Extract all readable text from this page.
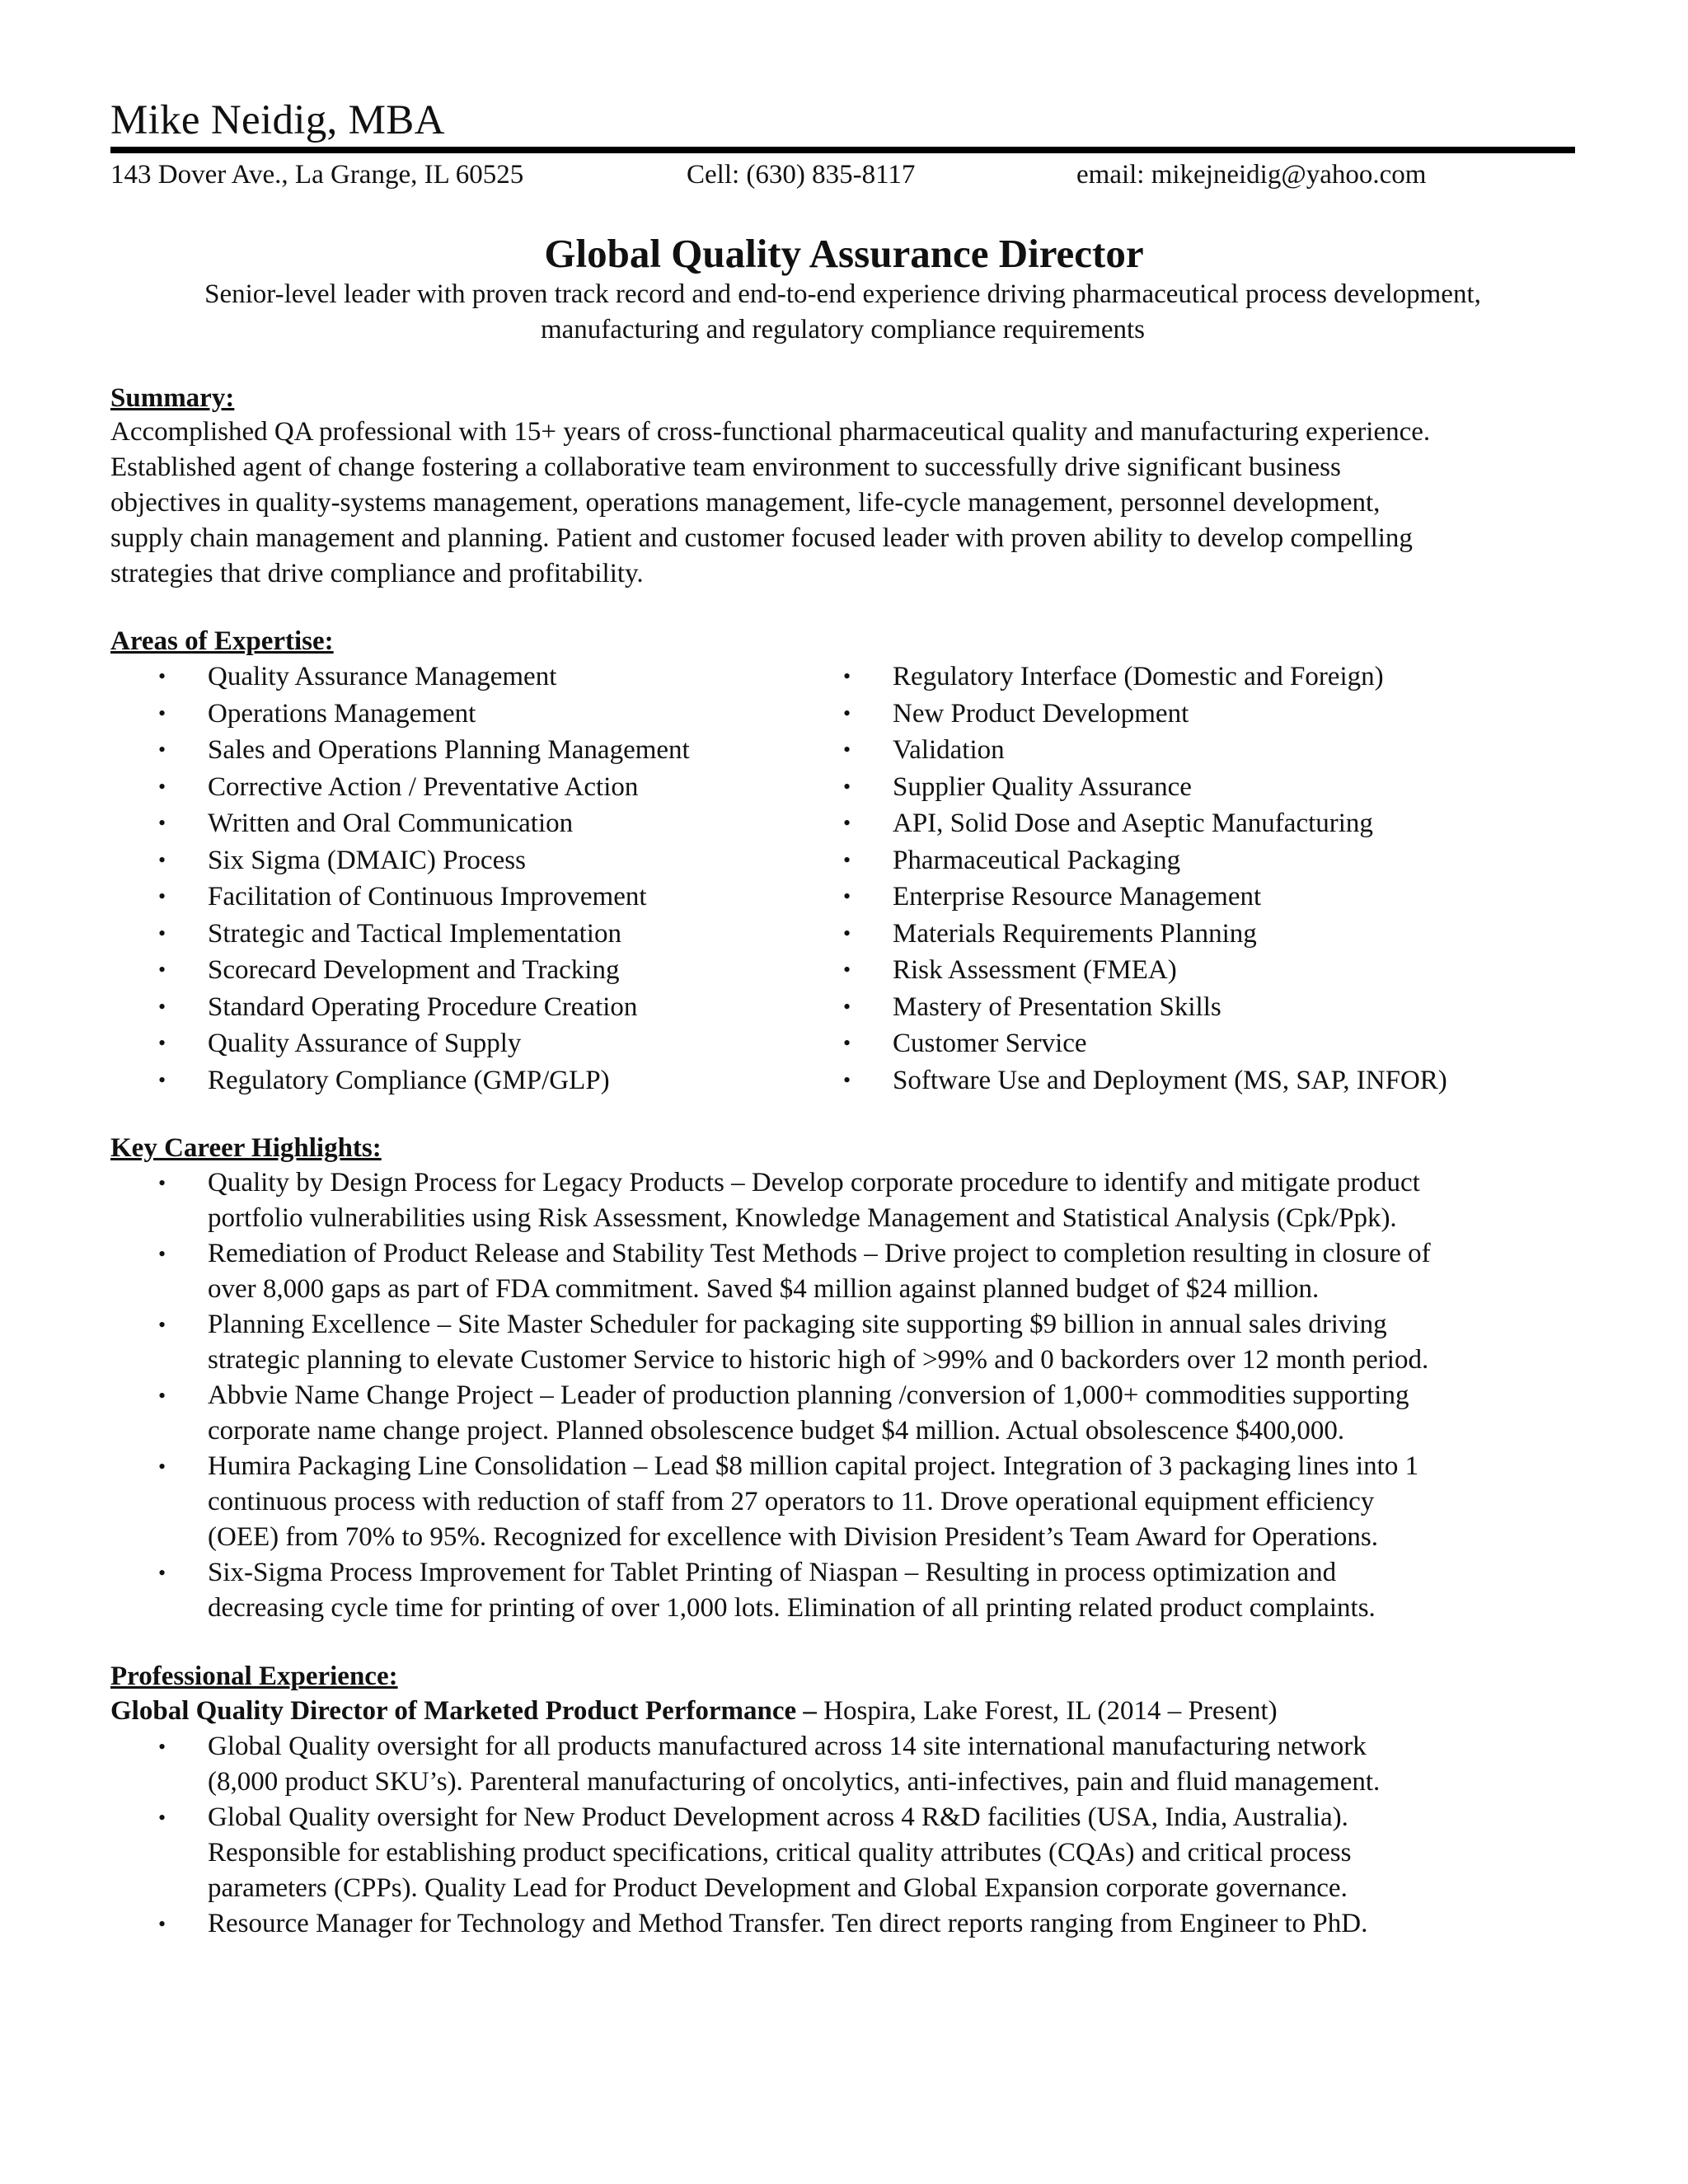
Mike Neidig, MBA
143 Dover Ave., La Grange, IL 60525	Cell: (630) 835-8117	email: mikejneidig@yahoo.com
Global Quality Assurance Director
Senior-level leader with proven track record and end-to-end experience driving pharmaceutical process development,
manufacturing and regulatory compliance requirements
Summary:
Accomplished QA professional with 15+ years of cross-functional pharmaceutical quality and manufacturing experience.
Established agent of change fostering a collaborative team environment to successfully drive significant business
objectives in quality-systems management, operations management, life-cycle management, personnel development,
supply chain management and planning. Patient and customer focused leader with proven ability to develop compelling
strategies that drive compliance and profitability.
Areas of Expertise:
• Quality Assurance Management
• Operations Management
• Sales and Operations Planning Management
• Corrective Action / Preventative Action
• Written and Oral Communication
• Six Sigma (DMAIC) Process
• Facilitation of Continuous Improvement
• Strategic and Tactical Implementation
• Scorecard Development and Tracking
• Standard Operating Procedure Creation
• Quality Assurance of Supply
• Regulatory Compliance (GMP/GLP)
• Regulatory Interface (Domestic and Foreign)
• New Product Development
• Validation
• Supplier Quality Assurance
• API, Solid Dose and Aseptic Manufacturing
• Pharmaceutical Packaging
• Enterprise Resource Management
• Materials Requirements Planning
• Risk Assessment (FMEA)
• Mastery of Presentation Skills
• Customer Service
• Software Use and Deployment (MS, SAP, INFOR)
Key Career Highlights:
• Quality by Design Process for Legacy Products – Develop corporate procedure to identify and mitigate product
portfolio vulnerabilities using Risk Assessment, Knowledge Management and Statistical Analysis (Cpk/Ppk).
• Remediation of Product Release and Stability Test Methods – Drive project to completion resulting in closure of
over 8,000 gaps as part of FDA commitment. Saved $4 million against planned budget of $24 million.
• Planning Excellence – Site Master Scheduler for packaging site supporting $9 billion in annual sales driving
strategic planning to elevate Customer Service to historic high of >99% and 0 backorders over 12 month period.
• Abbvie Name Change Project – Leader of production planning /conversion of 1,000+ commodities supporting
corporate name change project. Planned obsolescence budget $4 million. Actual obsolescence $400,000.
• Humira Packaging Line Consolidation – Lead $8 million capital project. Integration of 3 packaging lines into 1
continuous process with reduction of staff from 27 operators to 11. Drove operational equipment efficiency
(OEE) from 70% to 95%. Recognized for excellence with Division President’s Team Award for Operations.
• Six-Sigma Process Improvement for Tablet Printing of Niaspan – Resulting in process optimization and
decreasing cycle time for printing of over 1,000 lots. Elimination of all printing related product complaints.
Professional Experience:
Global Quality Director of Marketed Product Performance – Hospira, Lake Forest, IL (2014 – Present)
• Global Quality oversight for all products manufactured across 14 site international manufacturing network
(8,000 product SKU’s). Parenteral manufacturing of oncolytics, anti-infectives, pain and fluid management.
• Global Quality oversight for New Product Development across 4 R&D facilities (USA, India, Australia).
Responsible for establishing product specifications, critical quality attributes (CQAs) and critical process
parameters (CPPs). Quality Lead for Product Development and Global Expansion corporate governance.
• Resource Manager for Technology and Method Transfer. Ten direct reports ranging from Engineer to PhD.
